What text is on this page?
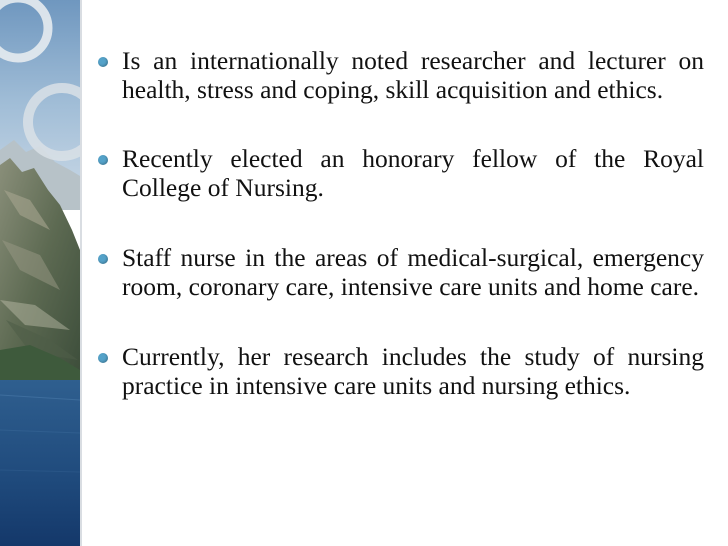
Is an internationally noted researcher and lecturer on health, stress and coping, skill acquisition and ethics.
Recently elected an honorary fellow of the Royal College of Nursing.
Staff nurse in the areas of medical-surgical, emergency room, coronary care, intensive care units and home care.
Currently, her research includes the study of nursing practice in intensive care units and nursing ethics.
